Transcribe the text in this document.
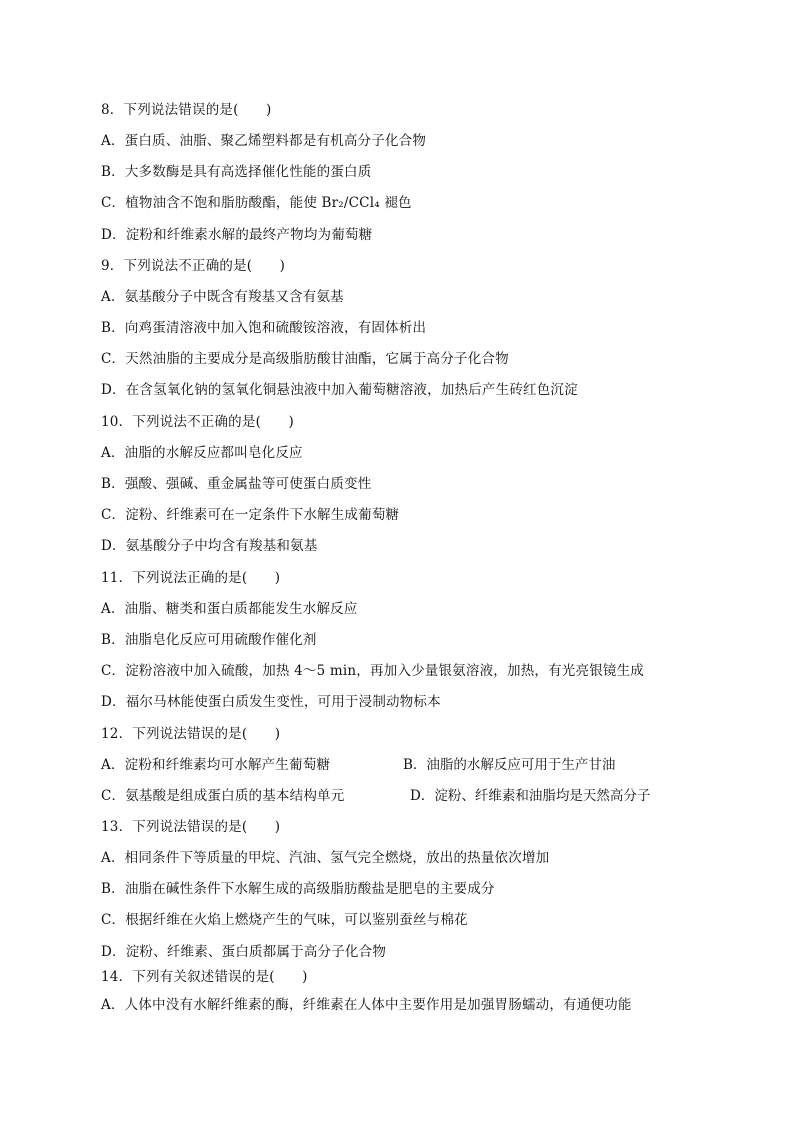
8．下列说法错误的是(　　)
A．蛋白质、油脂、聚乙烯塑料都是有机高分子化合物
B．大多数酶是具有高选择催化性能的蛋白质
C．植物油含不饱和脂肪酸酯，能使 Br₂/CCl₄ 褪色
D．淀粉和纤维素水解的最终产物均为葡萄糖
9．下列说法不正确的是(　　)
A．氨基酸分子中既含有羧基又含有氨基
B．向鸡蛋清溶液中加入饱和硫酸铵溶液，有固体析出
C．天然油脂的主要成分是高级脂肪酸甘油酯，它属于高分子化合物
D．在含氢氧化钠的氢氧化铜悬浊液中加入葡萄糖溶液，加热后产生砖红色沉淀
10．下列说法不正确的是(　　)
A．油脂的水解反应都叫皂化反应
B．强酸、强碱、重金属盐等可使蛋白质变性
C．淀粉、纤维素可在一定条件下水解生成葡萄糖
D．氨基酸分子中均含有羧基和氨基
11．下列说法正确的是(　　)
A．油脂、糖类和蛋白质都能发生水解反应
B．油脂皂化反应可用硫酸作催化剂
C．淀粉溶液中加入硫酸，加热 4～5 min，再加入少量银氨溶液，加热，有光亮银镜生成
D．福尔马林能使蛋白质发生变性，可用于浸制动物标本
12．下列说法错误的是(　　)
A．淀粉和纤维素均可水解产生葡萄糖	B．油脂的水解反应可用于生产甘油
C．氨基酸是组成蛋白质的基本结构单元	D．淀粉、纤维素和油脂均是天然高分子
13．下列说法错误的是(　　)
A．相同条件下等质量的甲烷、汽油、氢气完全燃烧，放出的热量依次增加
B．油脂在碱性条件下水解生成的高级脂肪酸盐是肥皂的主要成分
C．根据纤维在火焰上燃烧产生的气味，可以鉴别蚕丝与棉花
D．淀粉、纤维素、蛋白质都属于高分子化合物
14．下列有关叙述错误的是(　　)
A．人体中没有水解纤维素的酶，纤维素在人体中主要作用是加强胃肠蠕动，有通便功能
